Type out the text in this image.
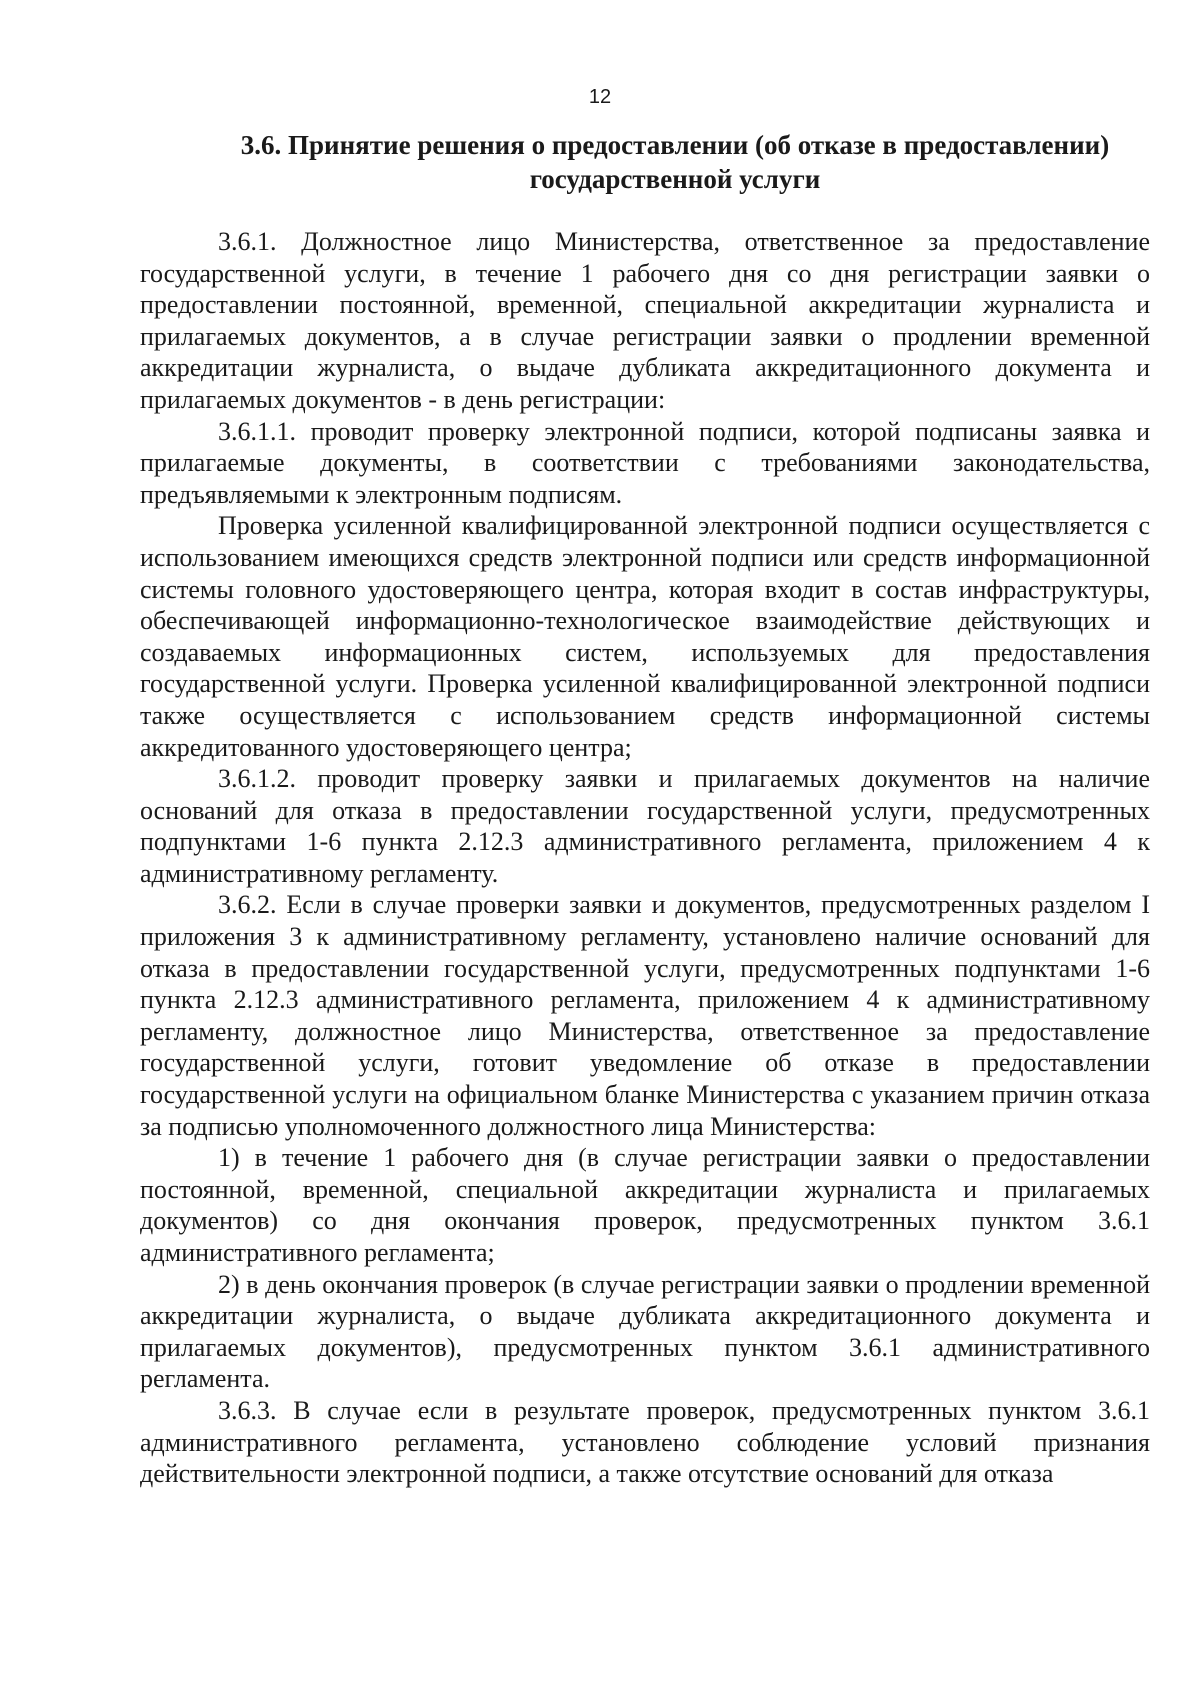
12
3.6. Принятие решения о предоставлении (об отказе в предоставлении)
государственной услуги

3.6.1. Должностное лицо Министерства, ответственное за предоставление государственной услуги, в течение 1 рабочего дня со дня регистрации заявки о предоставлении постоянной, временной, специальной аккредитации журналиста и прилагаемых документов, а в случае регистрации заявки о продлении временной аккредитации журналиста, о выдаче дубликата аккредитационного документа и прилагаемых документов - в день регистрации:

3.6.1.1. проводит проверку электронной подписи, которой подписаны заявка и прилагаемые документы, в соответствии с требованиями законодательства, предъявляемыми к электронным подписям.

Проверка усиленной квалифицированной электронной подписи осуществляется с использованием имеющихся средств электронной подписи или средств информационной системы головного удостоверяющего центра, которая входит в состав инфраструктуры, обеспечивающей информационно-технологическое взаимодействие действующих и создаваемых информационных систем, используемых для предоставления государственной услуги. Проверка усиленной квалифицированной электронной подписи также осуществляется с использованием средств информационной системы аккредитованного удостоверяющего центра;

3.6.1.2. проводит проверку заявки и прилагаемых документов на наличие оснований для отказа в предоставлении государственной услуги, предусмотренных подпунктами 1-6 пункта 2.12.3 административного регламента, приложением 4 к административному регламенту.

3.6.2. Если в случае проверки заявки и документов, предусмотренных разделом I приложения 3 к административному регламенту, установлено наличие оснований для отказа в предоставлении государственной услуги, предусмотренных подпунктами 1-6 пункта 2.12.3 административного регламента, приложением 4 к административному регламенту, должностное лицо Министерства, ответственное за предоставление государственной услуги, готовит уведомление об отказе в предоставлении государственной услуги на официальном бланке Министерства с указанием причин отказа за подписью уполномоченного должностного лица Министерства:

1) в течение 1 рабочего дня (в случае регистрации заявки о предоставлении постоянной, временной, специальной аккредитации журналиста и прилагаемых документов) со дня окончания проверок, предусмотренных пунктом 3.6.1 административного регламента;

2) в день окончания проверок (в случае регистрации заявки о продлении временной аккредитации журналиста, о выдаче дубликата аккредитационного документа и прилагаемых документов), предусмотренных пунктом 3.6.1 административного регламента.

3.6.3. В случае если в результате проверок, предусмотренных пунктом 3.6.1 административного регламента, установлено соблюдение условий признания действительности электронной подписи, а также отсутствие оснований для отказа
